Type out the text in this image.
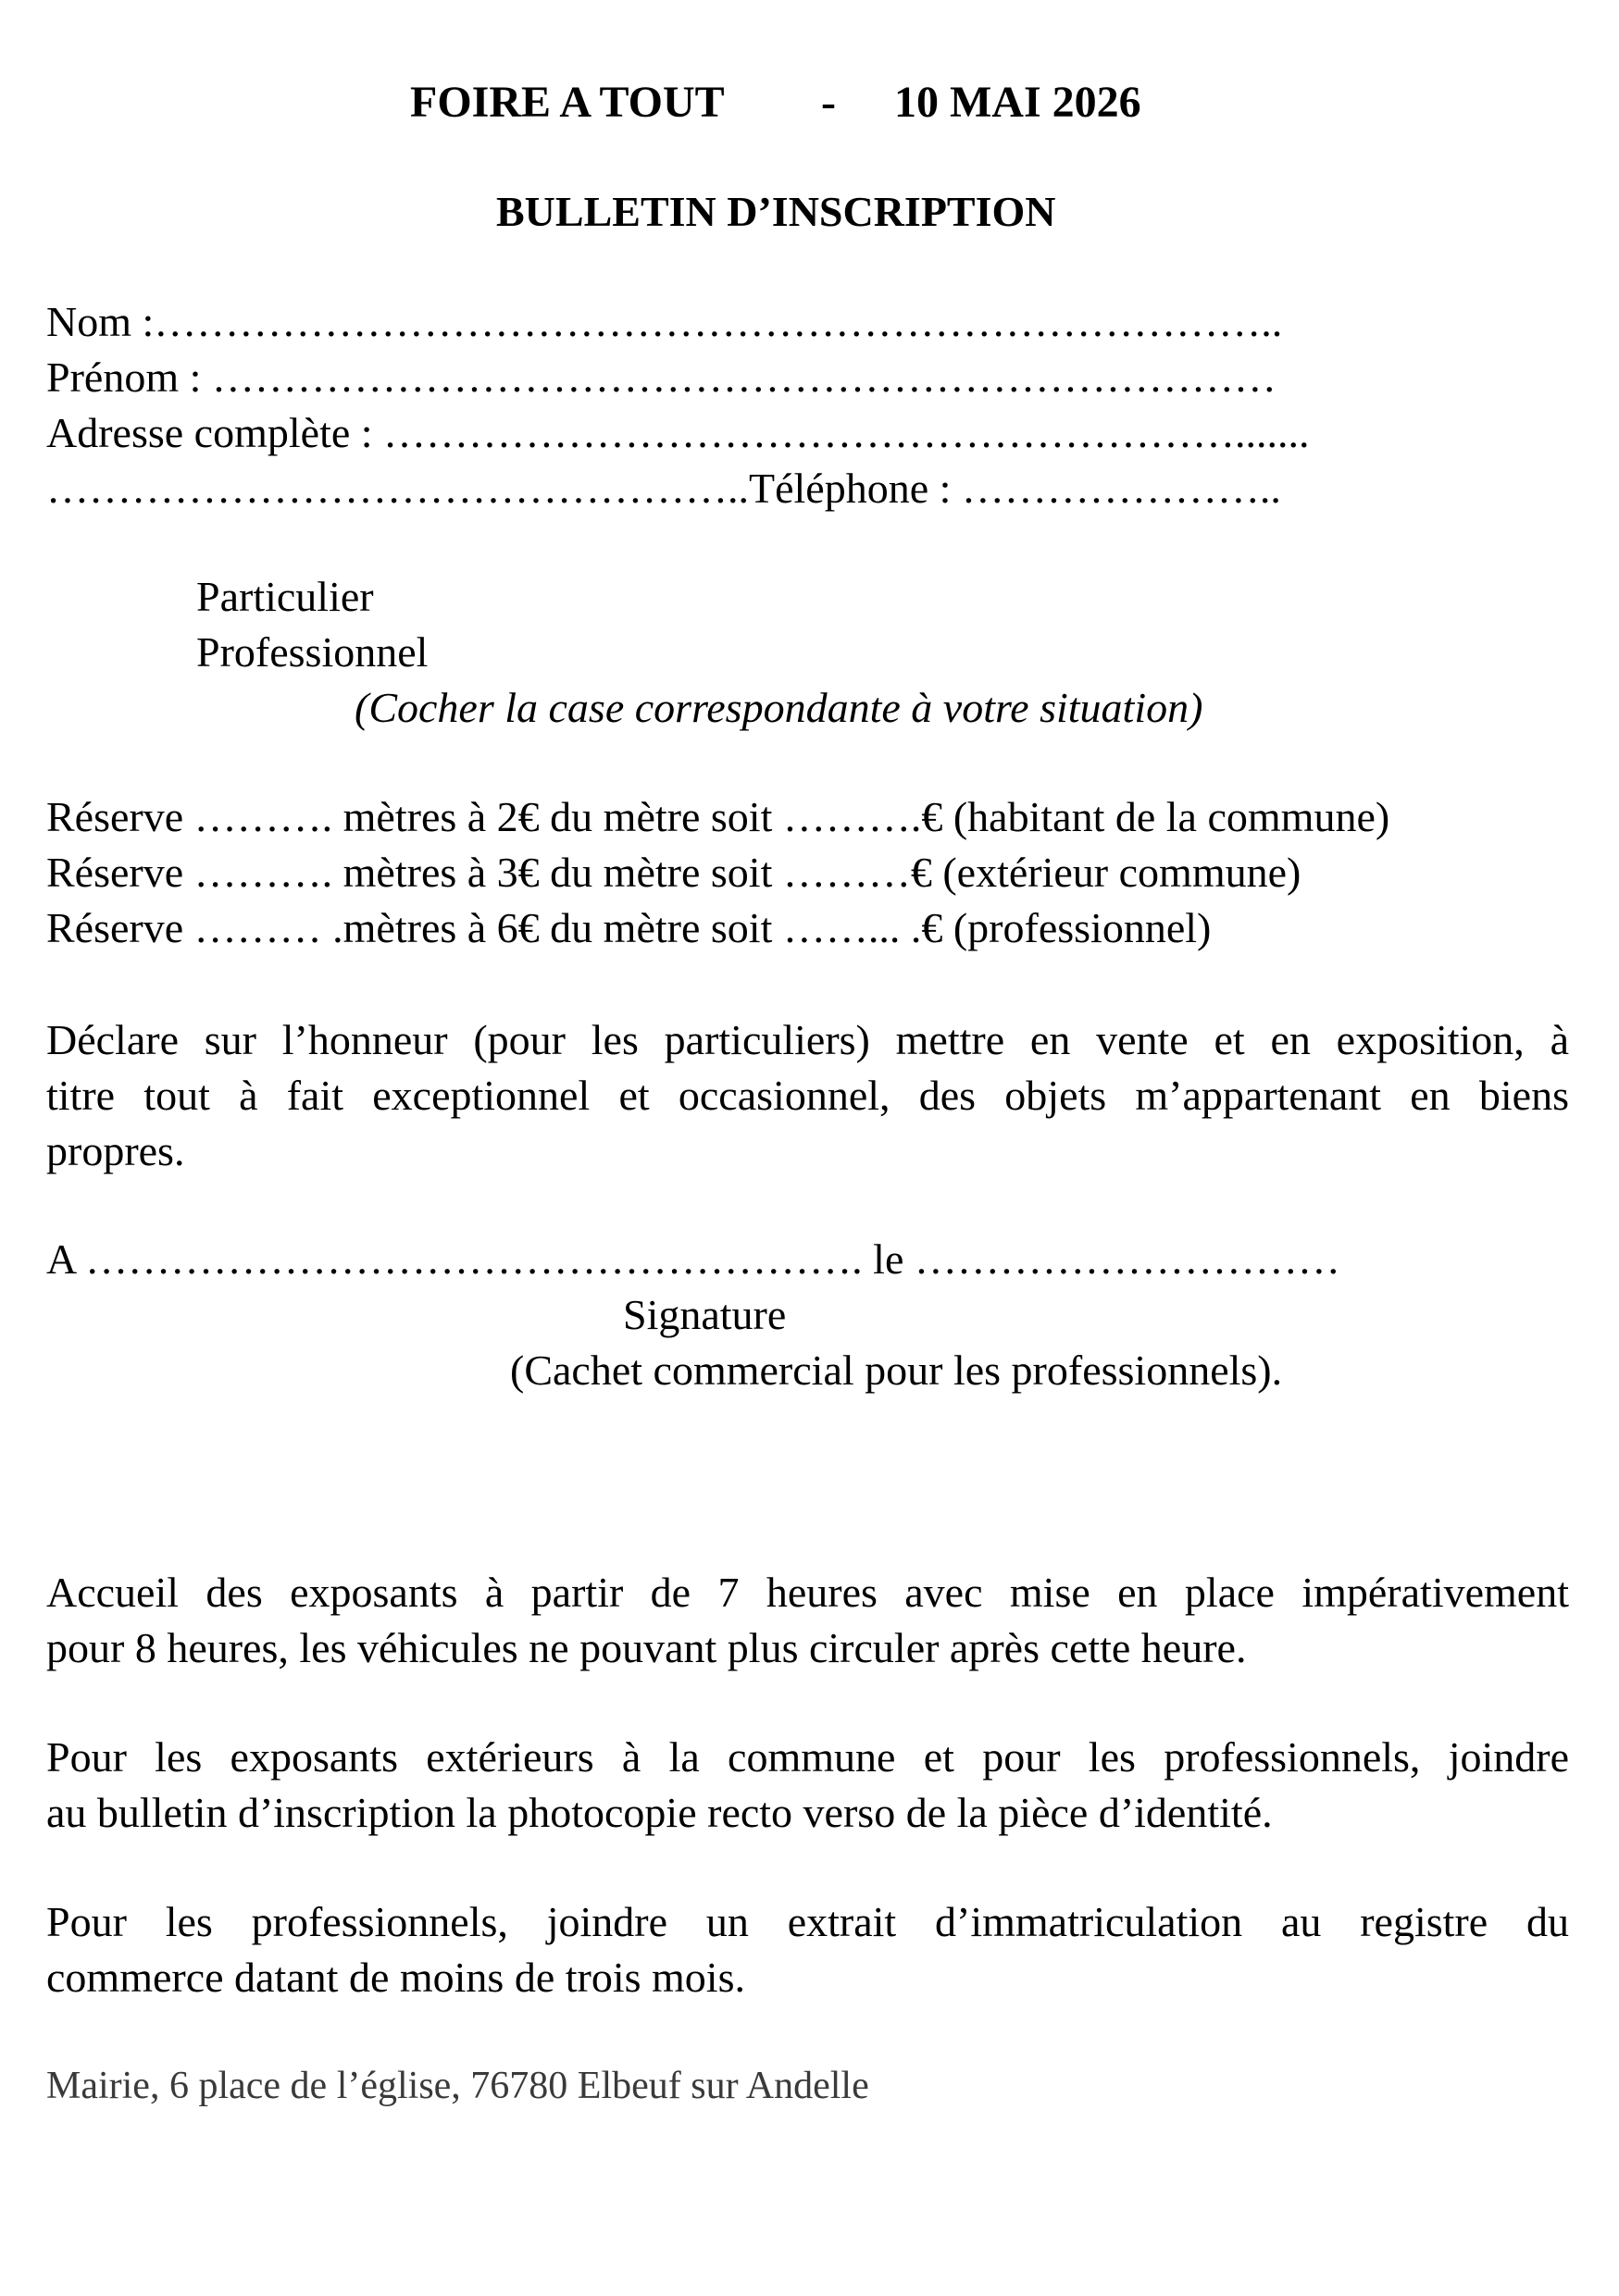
FOIRE A TOUT - 10 MAI 2026
BULLETIN D’INSCRIPTION
Nom :……………………………………………………………………..
Prénom : …………………………………………………………………
Adresse complète : …………………………………………………….......
…………………………………………..Téléphone : …………………..
Particulier
Professionnel
(Cocher la case correspondante à votre situation)
Réserve ………. mètres à 2€ du mètre soit ……….€ (habitant de la commune)
Réserve ………. mètres à 3€ du mètre soit ………€ (extérieur commune)
Réserve ……… .mètres à 6€ du mètre soit ……... .€ (professionnel)
Déclare sur l’honneur (pour les particuliers) mettre en vente et en exposition, à
titre tout à fait exceptionnel et occasionnel, des objets m’appartenant en biens
propres.
A ………………………………………………. le …………………………
Signature
(Cachet commercial pour les professionnels).
Accueil des exposants à partir de 7 heures avec mise en place impérativement
pour 8 heures, les véhicules ne pouvant plus circuler après cette heure.
Pour les exposants extérieurs à la commune et pour les professionnels, joindre
au bulletin d’inscription la photocopie recto verso de la pièce d’identité.
Pour les professionnels, joindre un extrait d’immatriculation au registre du
commerce datant de moins de trois mois.
Mairie, 6 place de l’église, 76780 Elbeuf sur Andelle
